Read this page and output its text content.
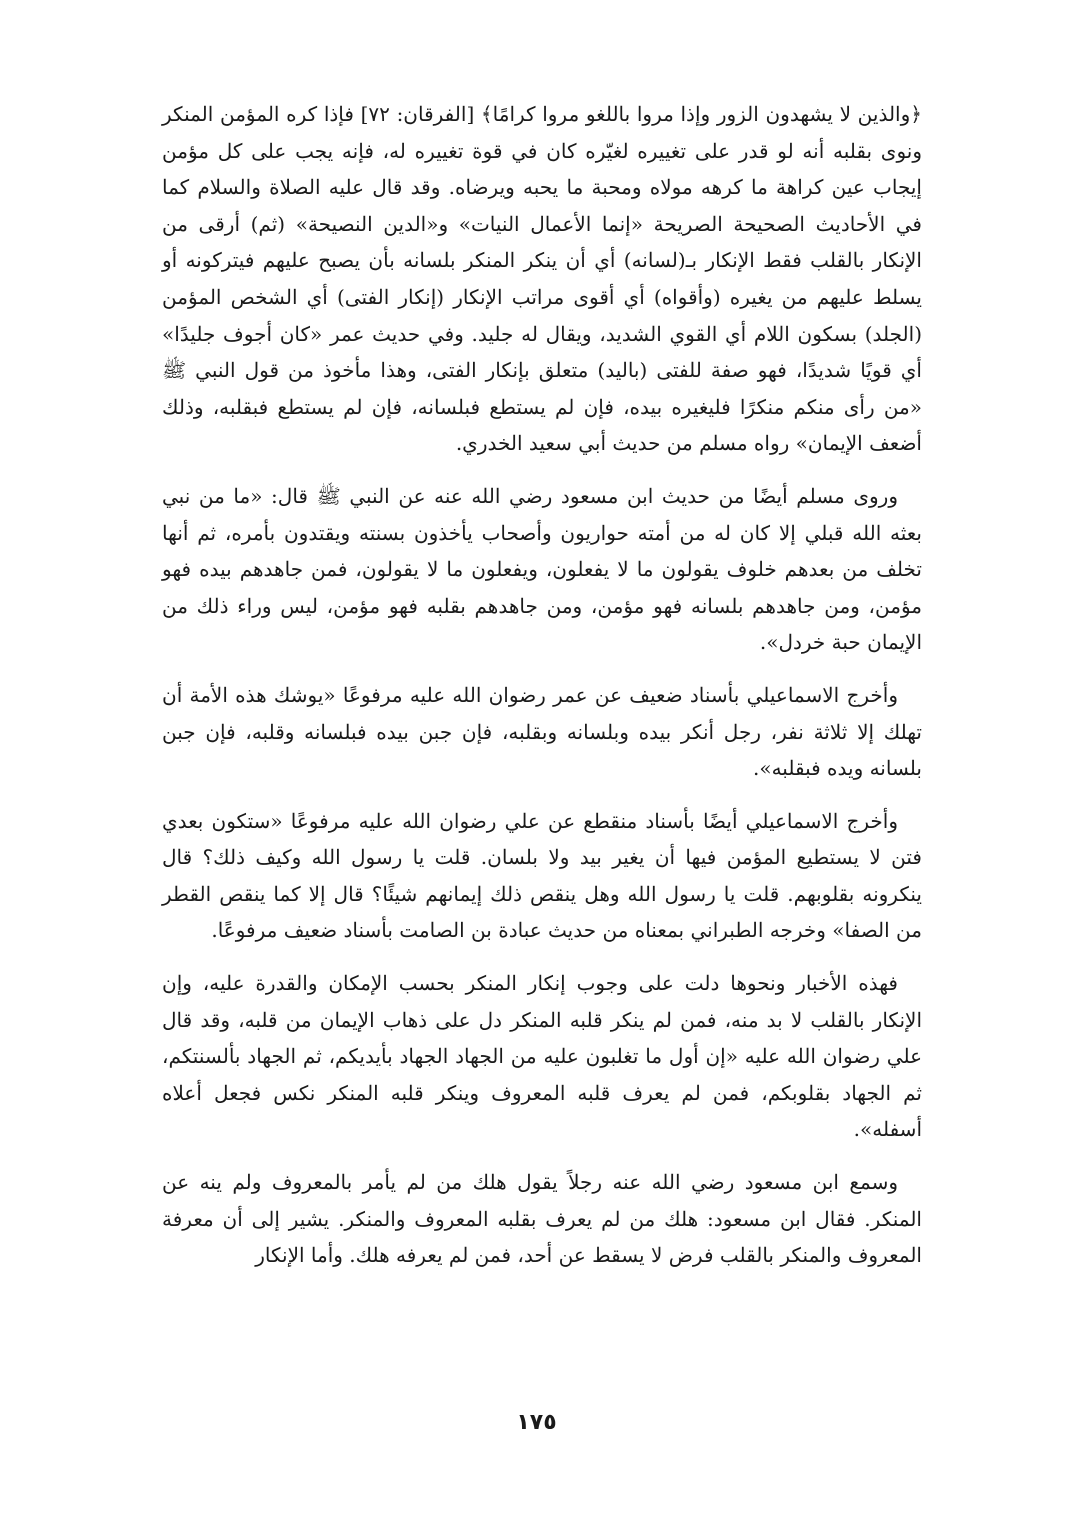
﴿والذين لا يشهدون الزور وإذا مروا باللغو مروا كرامًا﴾ [الفرقان: ٧٢] فإذا كره المؤمن المنكر ونوى بقلبه أنه لو قدر على تغييره لغيّره كان في قوة تغييره له، فإنه يجب على كل مؤمن إيجاب عين كراهة ما كرهه مولاه ومحبة ما يحبه ويرضاه. وقد قال عليه الصلاة والسلام كما في الأحاديث الصحيحة الصريحة «إنما الأعمال النيات» و«الدين النصيحة» (ثم) أرقى من الإنكار بالقلب فقط الإنكار بـ(لسانه) أي أن ينكر المنكر بلسانه بأن يصبح عليهم فيتركونه أو يسلط عليهم من يغيره (وأقواه) أي أقوى مراتب الإنكار (إنكار الفتى) أي الشخص المؤمن (الجلد) بسكون اللام أي القوي الشديد، ويقال له جليد. وفي حديث عمر «كان أجوف جليدًا» أي قويًا شديدًا، فهو صفة للفتى (باليد) متعلق بإنكار الفتى، وهذا مأخوذ من قول النبي ﷺ «من رأى منكم منكرًا فليغيره بيده، فإن لم يستطع فبلسانه، فإن لم يستطع فبقلبه، وذلك أضعف الإيمان» رواه مسلم من حديث أبي سعيد الخدري.

وروى مسلم أيضًا من حديث ابن مسعود رضي الله عنه عن النبي ﷺ قال: «ما من نبي بعثه الله قبلي إلا كان له من أمته حواريون وأصحاب يأخذون بسنته ويقتدون بأمره، ثم أنها تخلف من بعدهم خلوف يقولون ما لا يفعلون، ويفعلون ما لا يقولون، فمن جاهدهم بيده فهو مؤمن، ومن جاهدهم بلسانه فهو مؤمن، ومن جاهدهم بقلبه فهو مؤمن، ليس وراء ذلك من الإيمان حبة خردل».

وأخرج الاسماعيلي بأسناد ضعيف عن عمر رضوان الله عليه مرفوعًا «يوشك هذه الأمة أن تهلك إلا ثلاثة نفر، رجل أنكر بيده وبلسانه وبقلبه، فإن جبن بيده فبلسانه وقلبه، فإن جبن بلسانه ويده فبقلبه».

وأخرج الاسماعيلي أيضًا بأسناد منقطع عن علي رضوان الله عليه مرفوعًا «ستكون بعدي فتن لا يستطيع المؤمن فيها أن يغير بيد ولا بلسان. قلت يا رسول الله وكيف ذلك؟ قال ينكرونه بقلوبهم. قلت يا رسول الله وهل ينقص ذلك إيمانهم شيئًا؟ قال إلا كما ينقص القطر من الصفا» وخرجه الطبراني بمعناه من حديث عبادة بن الصامت بأسناد ضعيف مرفوعًا.

فهذه الأخبار ونحوها دلت على وجوب إنكار المنكر بحسب الإمكان والقدرة عليه، وإن الإنكار بالقلب لا بد منه، فمن لم ينكر قلبه المنكر دل على ذهاب الإيمان من قلبه، وقد قال علي رضوان الله عليه «إن أول ما تغلبون عليه من الجهاد الجهاد بأيديكم، ثم الجهاد بألسنتكم، ثم الجهاد بقلوبكم، فمن لم يعرف قلبه المعروف وينكر قلبه المنكر نكس فجعل أعلاه أسفله».

وسمع ابن مسعود رضي الله عنه رجلاً يقول هلك من لم يأمر بالمعروف ولم ينه عن المنكر. فقال ابن مسعود: هلك من لم يعرف بقلبه المعروف والمنكر. يشير إلى أن معرفة المعروف والمنكر بالقلب فرض لا يسقط عن أحد، فمن لم يعرفه هلك. وأما الإنكار

١٧٥
